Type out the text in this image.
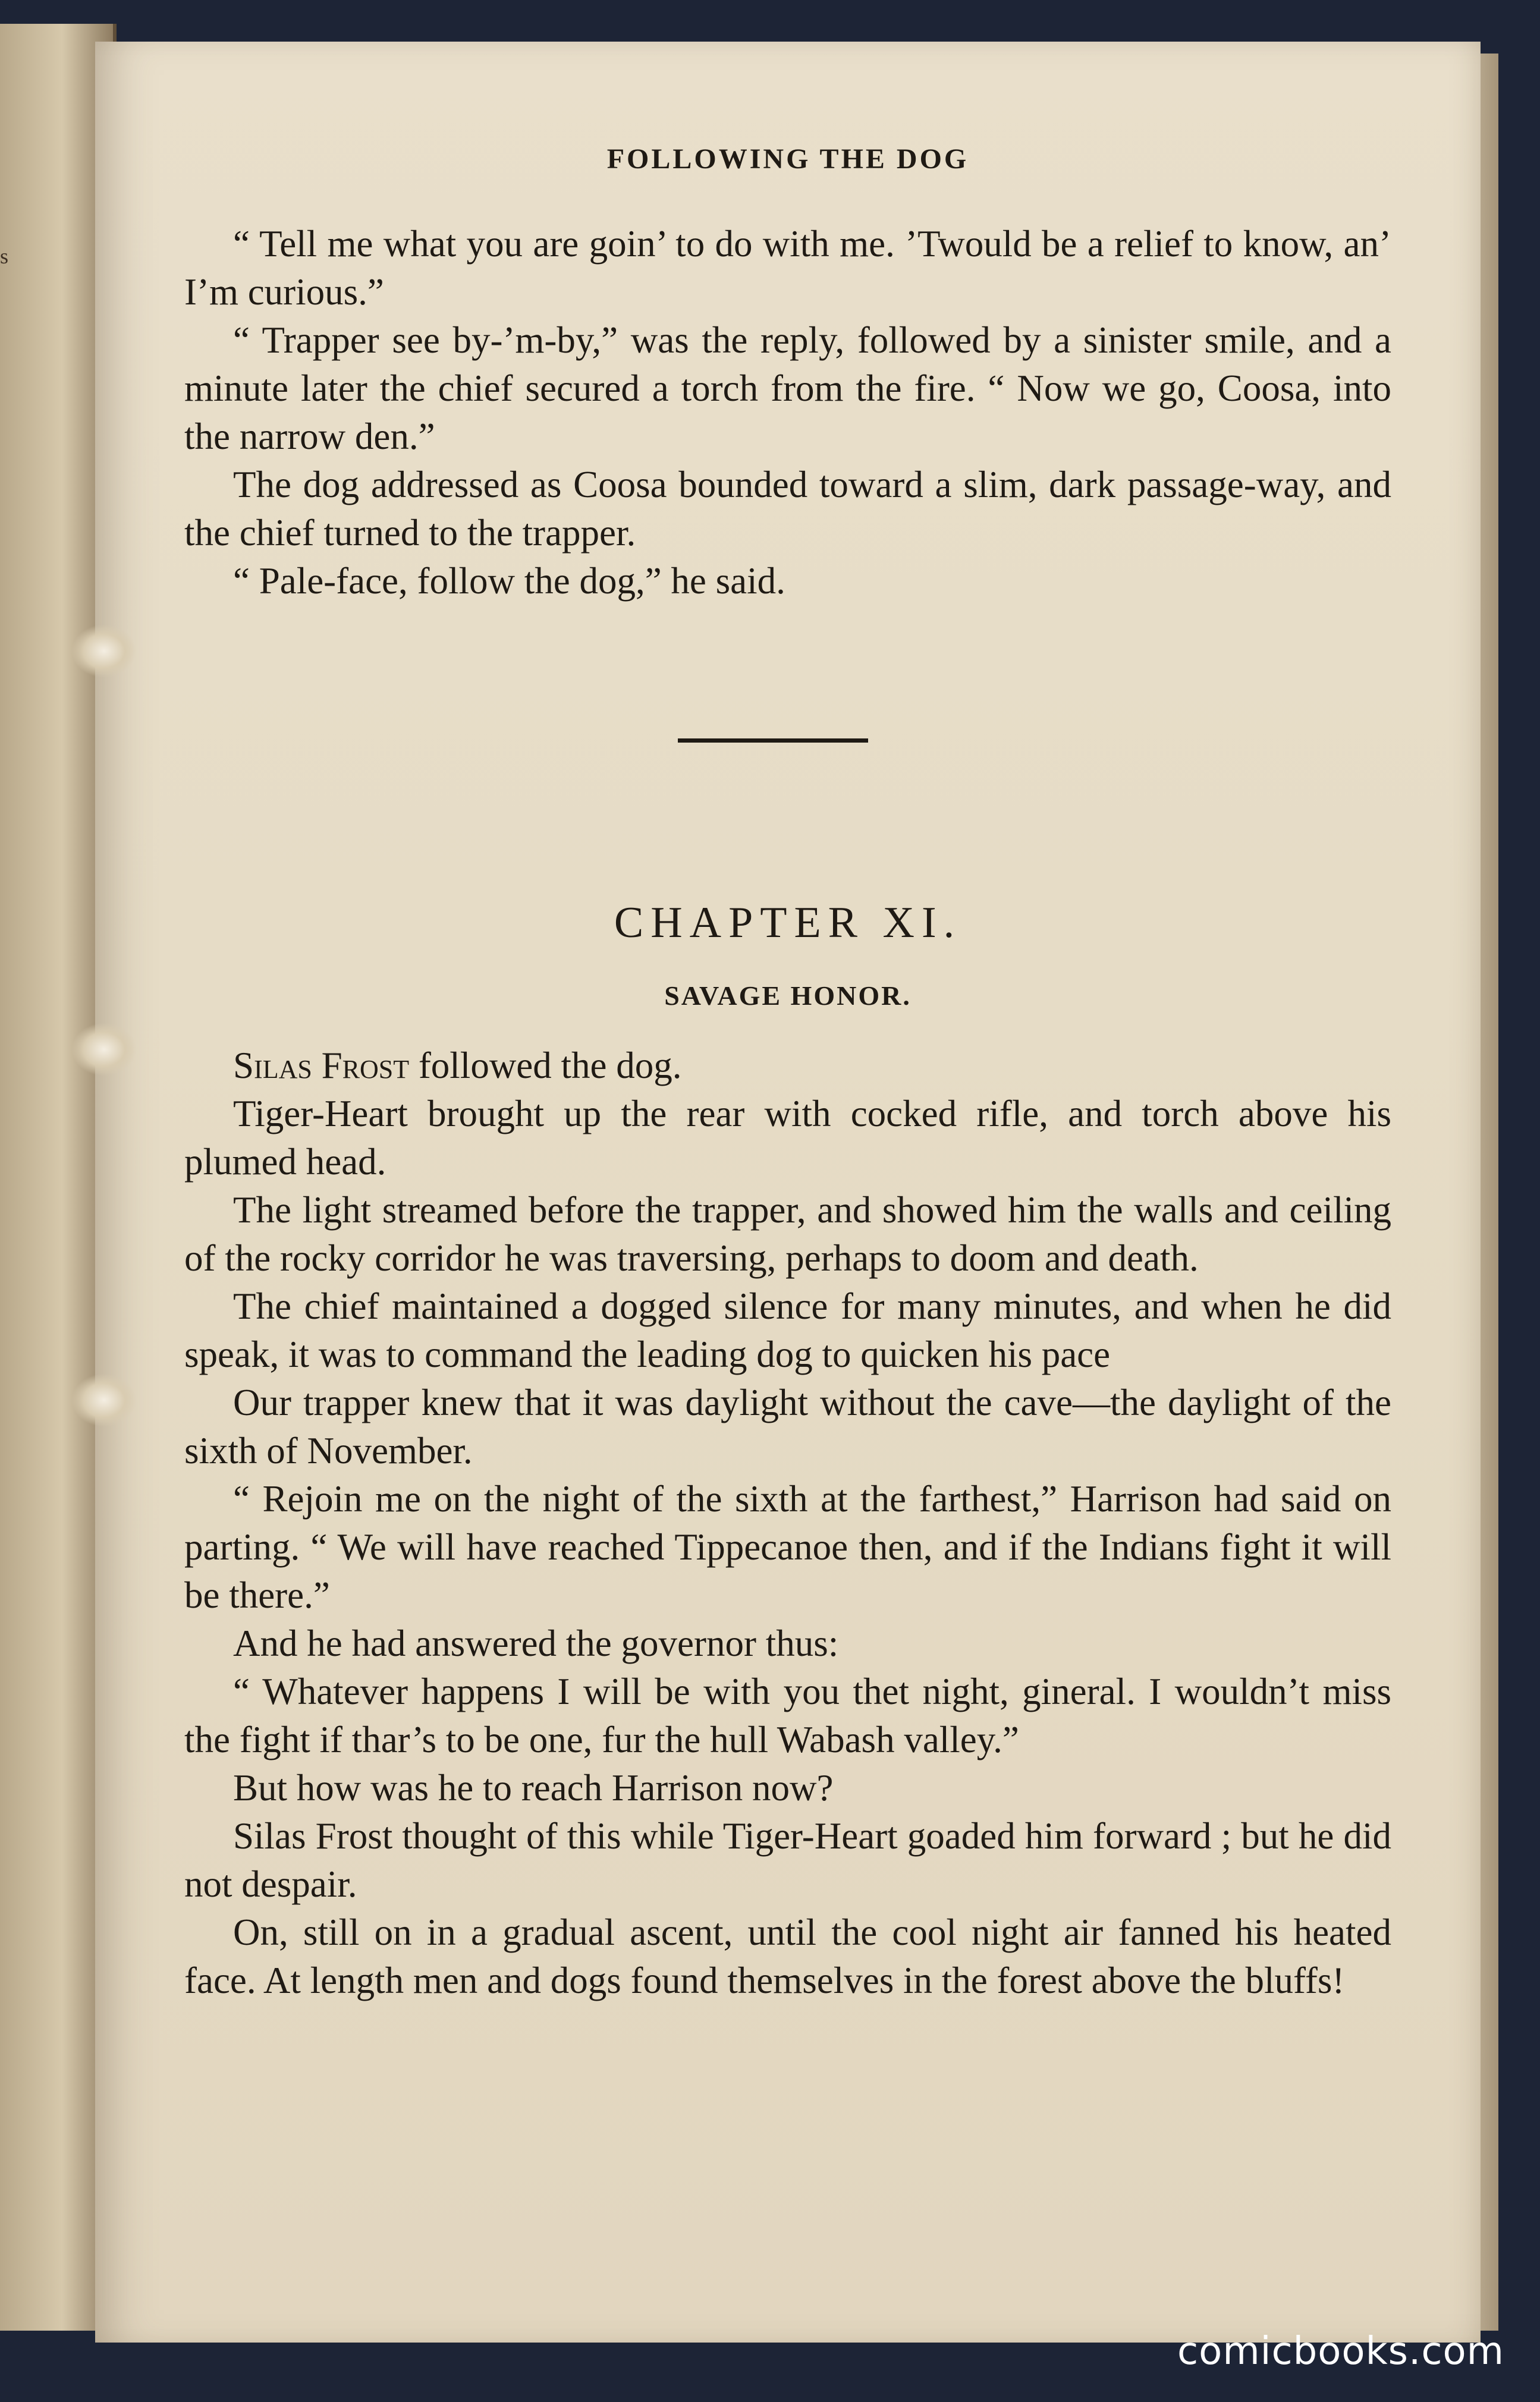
s
FOLLOWING THE DOG

“ Tell me what you are goin’ to do with me. ’Twould be a relief to know, an’ I’m curious.”

“ Trapper see by-’m-by,” was the reply, followed by a sinister smile, and a minute later the chief secured a torch from the fire. “ Now we go, Coosa, into the narrow den.”

The dog addressed as Coosa bounded toward a slim, dark passage-way, and the chief turned to the trapper.

“ Pale-face, follow the dog,” he said.

CHAPTER XI.
SAVAGE HONOR.

Silas Frost followed the dog.

Tiger-Heart brought up the rear with cocked rifle, and torch above his plumed head.

The light streamed before the trapper, and showed him the walls and ceiling of the rocky corridor he was traversing, perhaps to doom and death.

The chief maintained a dogged silence for many minutes, and when he did speak, it was to command the leading dog to quicken his pace

Our trapper knew that it was daylight without the cave—the daylight of the sixth of November.

“ Rejoin me on the night of the sixth at the farthest,” Harrison had said on parting. “ We will have reached Tippecanoe then, and if the Indians fight it will be there.”

And he had answered the governor thus:

“ Whatever happens I will be with you thet night, gineral. I wouldn’t miss the fight if thar’s to be one, fur the hull Wabash valley.”

But how was he to reach Harrison now?

Silas Frost thought of this while Tiger-Heart goaded him forward ; but he did not despair.

On, still on in a gradual ascent, until the cool night air fanned his heated face. At length men and dogs found themselves in the forest above the bluffs!

comicbooks.com
